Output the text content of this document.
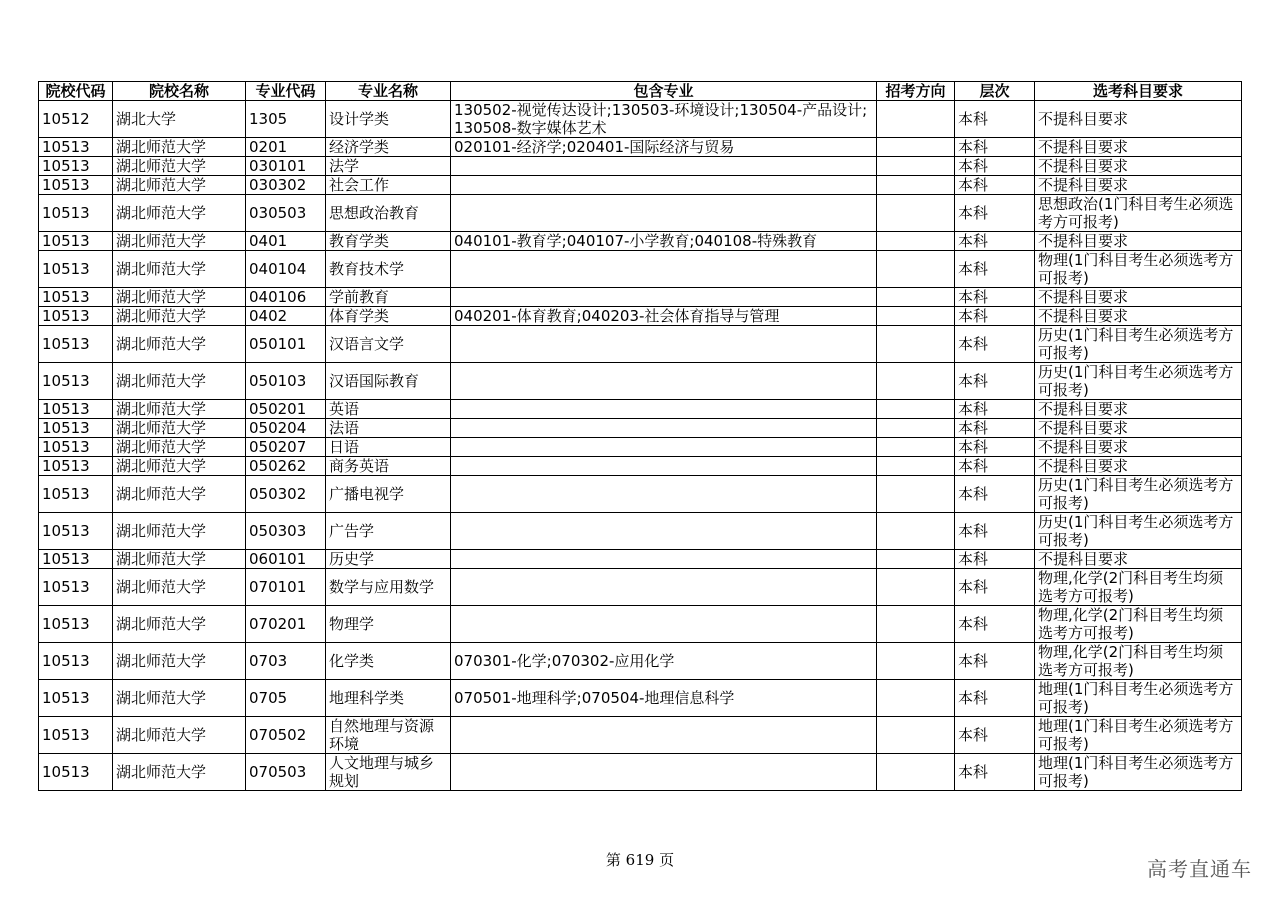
院校代码	院校名称	专业代码	专业名称	包含专业	招考方向	层次	选考科目要求
10512	湖北大学	1305	设计学类	130502-视觉传达设计;130503-环境设计;130504-产品设计;130508-数字媒体艺术		本科	不提科目要求
10513	湖北师范大学	0201	经济学类	020101-经济学;020401-国际经济与贸易		本科	不提科目要求
10513	湖北师范大学	030101	法学			本科	不提科目要求
10513	湖北师范大学	030302	社会工作			本科	不提科目要求
10513	湖北师范大学	030503	思想政治教育			本科	思想政治(1门科目考生必须选考方可报考)
10513	湖北师范大学	0401	教育学类	040101-教育学;040107-小学教育;040108-特殊教育		本科	不提科目要求
10513	湖北师范大学	040104	教育技术学			本科	物理(1门科目考生必须选考方可报考)
10513	湖北师范大学	040106	学前教育			本科	不提科目要求
10513	湖北师范大学	0402	体育学类	040201-体育教育;040203-社会体育指导与管理		本科	不提科目要求
10513	湖北师范大学	050101	汉语言文学			本科	历史(1门科目考生必须选考方可报考)
10513	湖北师范大学	050103	汉语国际教育			本科	历史(1门科目考生必须选考方可报考)
10513	湖北师范大学	050201	英语			本科	不提科目要求
10513	湖北师范大学	050204	法语			本科	不提科目要求
10513	湖北师范大学	050207	日语			本科	不提科目要求
10513	湖北师范大学	050262	商务英语			本科	不提科目要求
10513	湖北师范大学	050302	广播电视学			本科	历史(1门科目考生必须选考方可报考)
10513	湖北师范大学	050303	广告学			本科	历史(1门科目考生必须选考方可报考)
10513	湖北师范大学	060101	历史学			本科	不提科目要求
10513	湖北师范大学	070101	数学与应用数学			本科	物理,化学(2门科目考生均须选考方可报考)
10513	湖北师范大学	070201	物理学			本科	物理,化学(2门科目考生均须选考方可报考)
10513	湖北师范大学	0703	化学类	070301-化学;070302-应用化学		本科	物理,化学(2门科目考生均须选考方可报考)
10513	湖北师范大学	0705	地理科学类	070501-地理科学;070504-地理信息科学		本科	地理(1门科目考生必须选考方可报考)
10513	湖北师范大学	070502	自然地理与资源环境			本科	地理(1门科目考生必须选考方可报考)
10513	湖北师范大学	070503	人文地理与城乡规划			本科	地理(1门科目考生必须选考方可报考)
第 619 页	高考直通车
